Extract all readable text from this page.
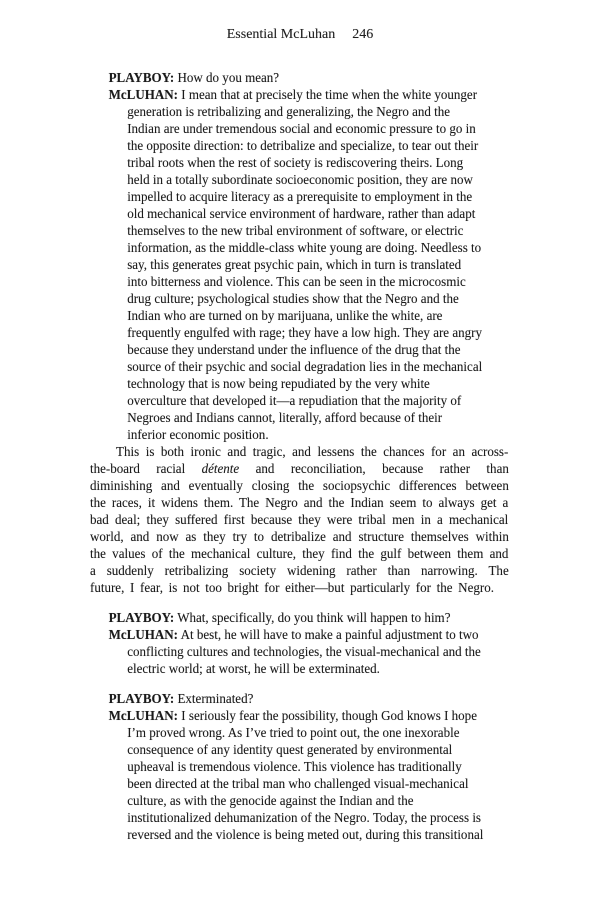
Essential McLuhan 246
PLAYBOY: How do you mean?
McLUHAN: I mean that at precisely the time when the white younger
generation is retribalizing and generalizing, the Negro and the
Indian are under tremendous social and economic pressure to go in
the opposite direction: to detribalize and specialize, to tear out their
tribal roots when the rest of society is rediscovering theirs. Long
held in a totally subordinate socioeconomic position, they are now
impelled to acquire literacy as a prerequisite to employment in the
old mechanical service environment of hardware, rather than adapt
themselves to the new tribal environment of software, or electric
information, as the middle-class white young are doing. Needless to
say, this generates great psychic pain, which in turn is translated
into bitterness and violence. This can be seen in the microcosmic
drug culture; psychological studies show that the Negro and the
Indian who are turned on by marijuana, unlike the white, are
frequently engulfed with rage; they have a low high. They are angry
because they understand under the influence of the drug that the
source of their psychic and social degradation lies in the mechanical
technology that is now being repudiated by the very white
overculture that developed it—a repudiation that the majority of
Negroes and Indians cannot, literally, afford because of their
inferior economic position.
This is both ironic and tragic, and lessens the chances for an across-
the-board racial détente and reconciliation, because rather than
diminishing and eventually closing the sociopsychic differences between
the races, it widens them. The Negro and the Indian seem to always get a
bad deal; they suffered first because they were tribal men in a mechanical
world, and now as they try to detribalize and structure themselves within
the values of the mechanical culture, they find the gulf between them and
a suddenly retribalizing society widening rather than narrowing. The
future, I fear, is not too bright for either—but particularly for the Negro.
PLAYBOY: What, specifically, do you think will happen to him?
McLUHAN: At best, he will have to make a painful adjustment to two
conflicting cultures and technologies, the visual-mechanical and the
electric world; at worst, he will be exterminated.
PLAYBOY: Exterminated?
McLUHAN: I seriously fear the possibility, though God knows I hope
I’m proved wrong. As I’ve tried to point out, the one inexorable
consequence of any identity quest generated by environmental
upheaval is tremendous violence. This violence has traditionally
been directed at the tribal man who challenged visual-mechanical
culture, as with the genocide against the Indian and the
institutionalized dehumanization of the Negro. Today, the process is
reversed and the violence is being meted out, during this transitional
